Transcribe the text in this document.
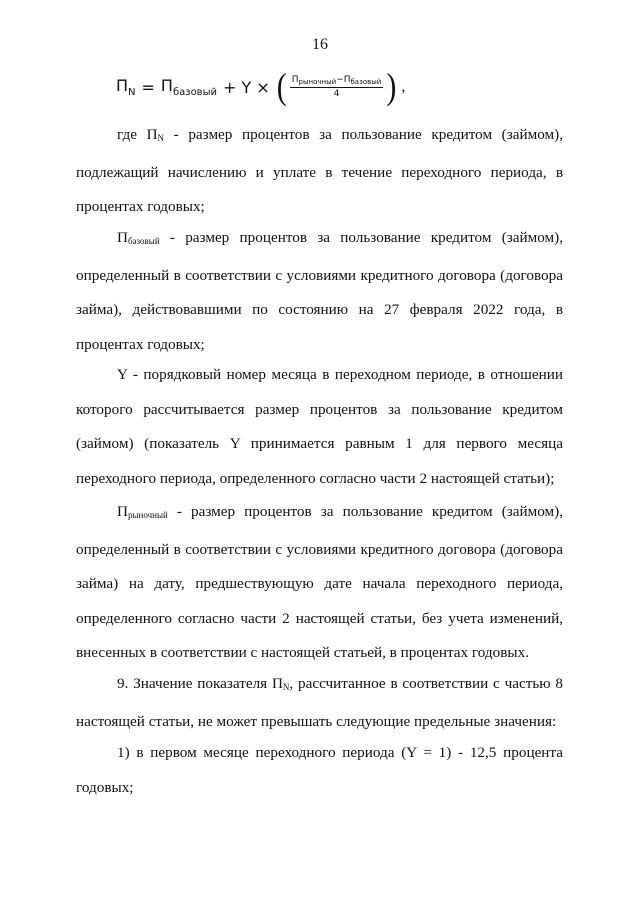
16
$П_N = П_{базовый} + Y$ × ( $\frac{П_{рыночный}-П_{базовый}}{4}$ ) ,

где $П_N$ - размер процентов за пользование кредитом (займом), подлежащий начислению и уплате в течение переходного периода, в процентах годовых;

$П_{базовый}$ - размер процентов за пользование кредитом (займом), определенный в соответствии с условиями кредитного договора (договора займа), действовавшими по состоянию на 27 февраля 2022 года, в процентах годовых;

Y - порядковый номер месяца в переходном периоде, в отношении которого рассчитывается размер процентов за пользование кредитом (займом) (показатель Y принимается равным 1 для первого месяца переходного периода, определенного согласно части 2 настоящей статьи);

$П_{рыночный}$ - размер процентов за пользование кредитом (займом), определенный в соответствии с условиями кредитного договора (договора займа) на дату, предшествующую дате начала переходного периода, определенного согласно части 2 настоящей статьи, без учета изменений, внесенных в соответствии с настоящей статьей, в процентах годовых.

9. Значение показателя $П_N$, рассчитанное в соответствии с частью 8 настоящей статьи, не может превышать следующие предельные значения:

1) в первом месяце переходного периода (Y = 1) - 12,5 процента годовых;
